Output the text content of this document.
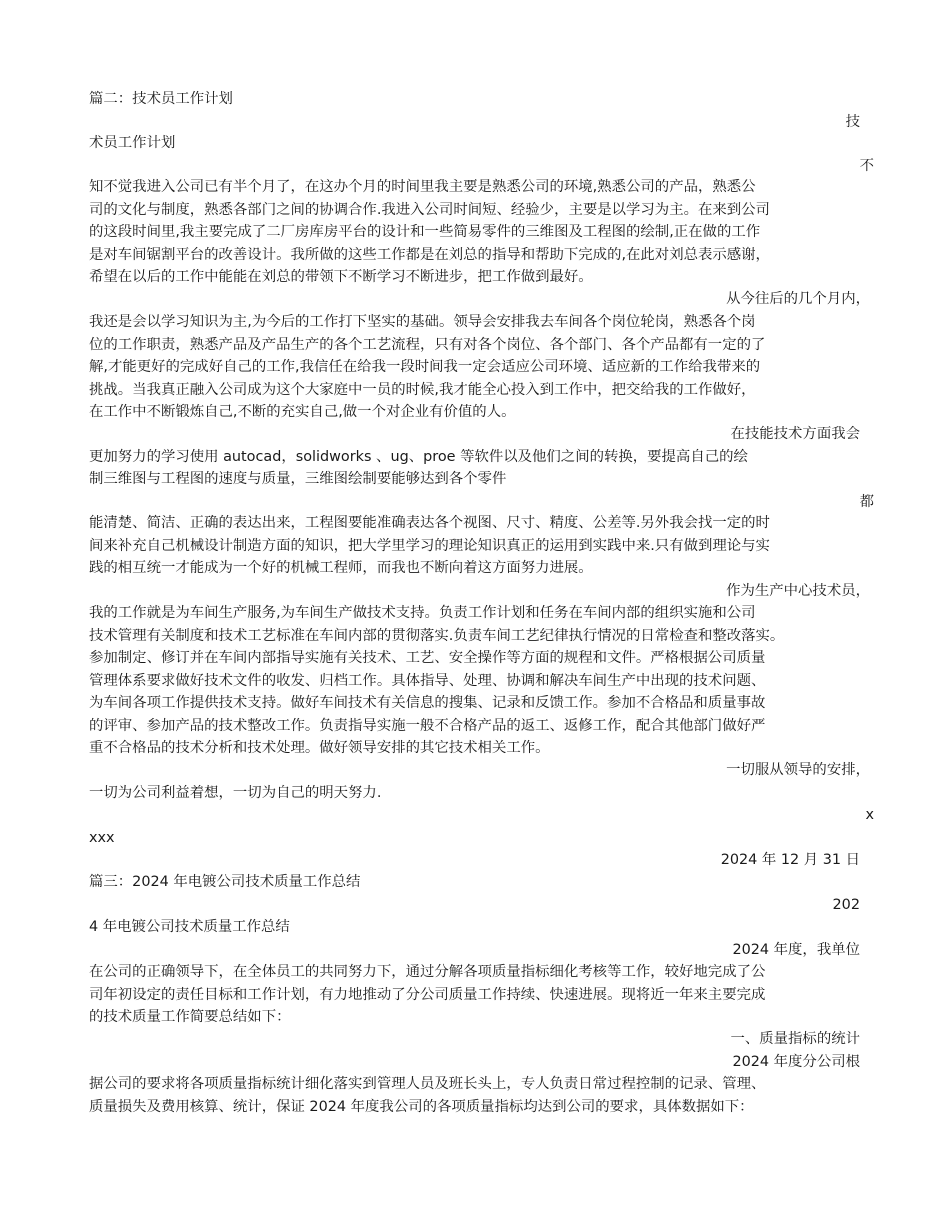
篇二：技术员工作计划
技
术员工作计划
不
知不觉我进入公司已有半个月了，在这办个月的时间里我主要是熟悉公司的环境,熟悉公司的产品，熟悉公
司的文化与制度，熟悉各部门之间的协调合作.我进入公司时间短、经验少，主要是以学习为主。在来到公司
的这段时间里,我主要完成了二厂房库房平台的设计和一些简易零件的三维图及工程图的绘制,正在做的工作
是对车间锯割平台的改善设计。我所做的这些工作都是在刘总的指导和帮助下完成的,在此对刘总表示感谢，
希望在以后的工作中能能在刘总的带领下不断学习不断进步，把工作做到最好。
从今往后的几个月内，
我还是会以学习知识为主,为今后的工作打下坚实的基础。领导会安排我去车间各个岗位轮岗，熟悉各个岗
位的工作职责，熟悉产品及产品生产的各个工艺流程，只有对各个岗位、各个部门、各个产品都有一定的了
解,才能更好的完成好自己的工作,我信任在给我一段时间我一定会适应公司环境、适应新的工作给我带来的
挑战。当我真正融入公司成为这个大家庭中一员的时候,我才能全心投入到工作中，把交给我的工作做好，
在工作中不断锻炼自己,不断的充实自己,做一个对企业有价值的人。
在技能技术方面我会
更加努力的学习使用 autocad，solidworks 、ug、proe 等软件以及他们之间的转换，要提高自己的绘
制三维图与工程图的速度与质量，三维图绘制要能够达到各个零件
都
能清楚、简洁、正确的表达出来，工程图要能准确表达各个视图、尺寸、精度、公差等.另外我会找一定的时
间来补充自己机械设计制造方面的知识，把大学里学习的理论知识真正的运用到实践中来.只有做到理论与实
践的相互统一才能成为一个好的机械工程师，而我也不断向着这方面努力进展。
作为生产中心技术员，
我的工作就是为车间生产服务,为车间生产做技术支持。负责工作计划和任务在车间内部的组织实施和公司
技术管理有关制度和技术工艺标准在车间内部的贯彻落实.负责车间工艺纪律执行情况的日常检查和整改落实。
参加制定、修订并在车间内部指导实施有关技术、工艺、安全操作等方面的规程和文件。严格根据公司质量
管理体系要求做好技术文件的收发、归档工作。具体指导、处理、协调和解决车间生产中出现的技术问题、
为车间各项工作提供技术支持。做好车间技术有关信息的搜集、记录和反馈工作。参加不合格品和质量事故
的评审、参加产品的技术整改工作。负责指导实施一般不合格产品的返工、返修工作，配合其他部门做好严
重不合格品的技术分析和技术处理。做好领导安排的其它技术相关工作。
一切服从领导的安排，
一切为公司利益着想，一切为自己的明天努力.
x
xxx
2024 年 12 月 31 日
篇三：2024 年电镀公司技术质量工作总结
202
4 年电镀公司技术质量工作总结
2024 年度，我单位
在公司的正确领导下，在全体员工的共同努力下，通过分解各项质量指标细化考核等工作，较好地完成了公
司年初设定的责任目标和工作计划，有力地推动了分公司质量工作持续、快速进展。现将近一年来主要完成
的技术质量工作简要总结如下：
一、质量指标的统计
2024 年度分公司根
据公司的要求将各项质量指标统计细化落实到管理人员及班长头上，专人负责日常过程控制的记录、管理、
质量损失及费用核算、统计，保证 2024 年度我公司的各项质量指标均达到公司的要求，具体数据如下：
